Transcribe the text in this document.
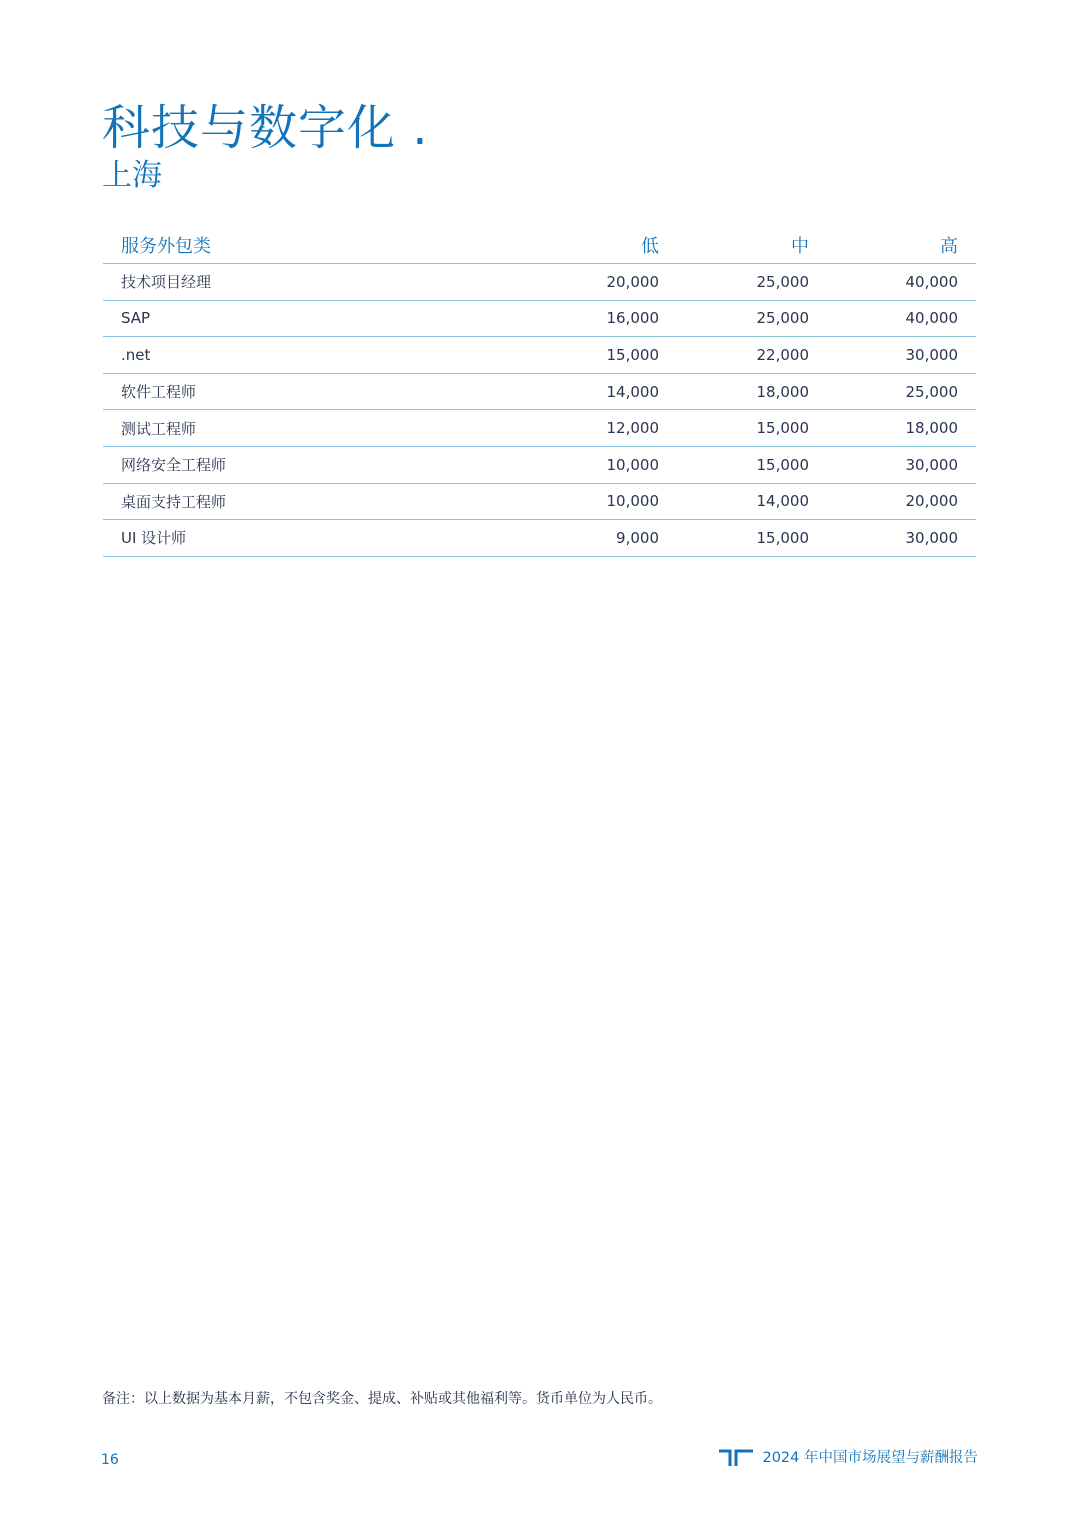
科技与数字化 .
上海
服务外包类	低	中	高
技术项目经理	20,000	25,000	40,000
SAP	16,000	25,000	40,000
.net	15,000	22,000	30,000
软件工程师	14,000	18,000	25,000
测试工程师	12,000	15,000	18,000
网络安全工程师	10,000	15,000	30,000
桌面支持工程师	10,000	14,000	20,000
UI 设计师	9,000	15,000	30,000
备注：以上数据为基本月薪，不包含奖金、提成、补贴或其他福利等。货币单位为人民币。
16	2024 年中国市场展望与薪酬报告
